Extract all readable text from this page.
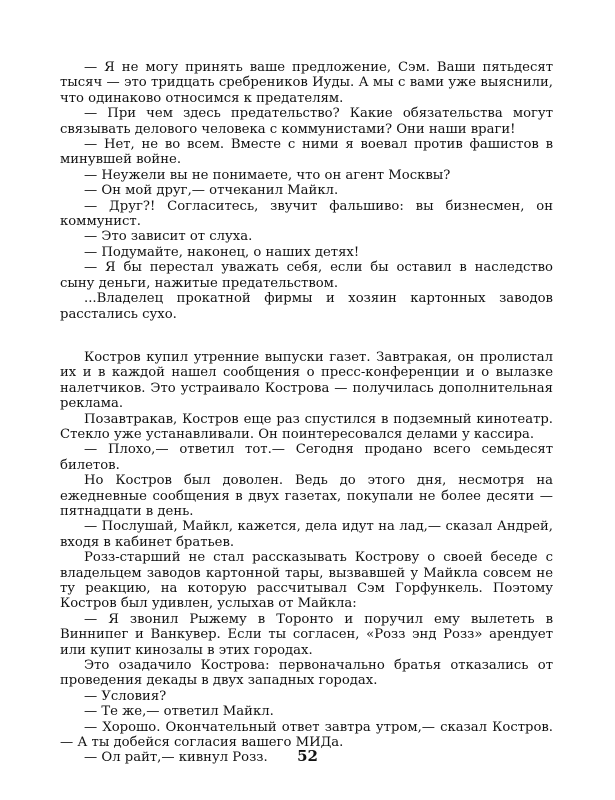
— Я не могу принять ваше предложение, Сэм. Ваши пятьдесят тысяч — это тридцать сребреников Иуды. А мы с вами уже выяснили, что одинаково относимся к предателям.

— При чем здесь предательство? Какие обязательства могут связывать делового человека с коммунистами? Они наши враги!

— Нет, не во всем. Вместе с ними я воевал против фашистов в минувшей войне.

— Неужели вы не понимаете, что он агент Москвы?

— Он мой друг,— отчеканил Майкл.

— Друг?! Согласитесь, звучит фальшиво: вы бизнесмен, он коммунист.

— Это зависит от слуха.

— Подумайте, наконец, о наших детях!

— Я бы перестал уважать себя, если бы оставил в наследство сыну деньги, нажитые предательством.

...Владелец прокатной фирмы и хозяин картонных заводов расстались сухо.

Костров купил утренние выпуски газет. Завтракая, он пролистал их и в каждой нашел сообщения о пресс-конференции и о вылазке налетчиков. Это устраивало Кострова — получилась дополнительная реклама.

Позавтракав, Костров еще раз спустился в подземный кинотеатр. Стекло уже устанавливали. Он поинтересовался делами у кассира.

— Плохо,— ответил тот.— Сегодня продано всего семьдесят билетов.

Но Костров был доволен. Ведь до этого дня, несмотря на ежедневные сообщения в двух газетах, покупали не более десяти — пятнадцати в день.

— Послушай, Майкл, кажется, дела идут на лад,— сказал Андрей, входя в кабинет братьев.

Розз-старший не стал рассказывать Кострову о своей беседе с владельцем заводов картонной тары, вызвавшей у Майкла совсем не ту реакцию, на которую рассчитывал Сэм Горфункель. Поэтому Костров был удивлен, услыхав от Майкла:

— Я звонил Рыжему в Торонто и поручил ему вылететь в Виннипег и Ванкувер. Если ты согласен, «Розз энд Розз» арендует или купит кинозалы в этих городах.

Это озадачило Кострова: первоначально братья отказались от проведения декады в двух западных городах.

— Условия?

— Те же,— ответил Майкл.

— Хорошо. Окончательный ответ завтра утром,— сказал Костров.— А ты добейся согласия вашего МИДа.

— Ол райт,— кивнул Розз.	52
